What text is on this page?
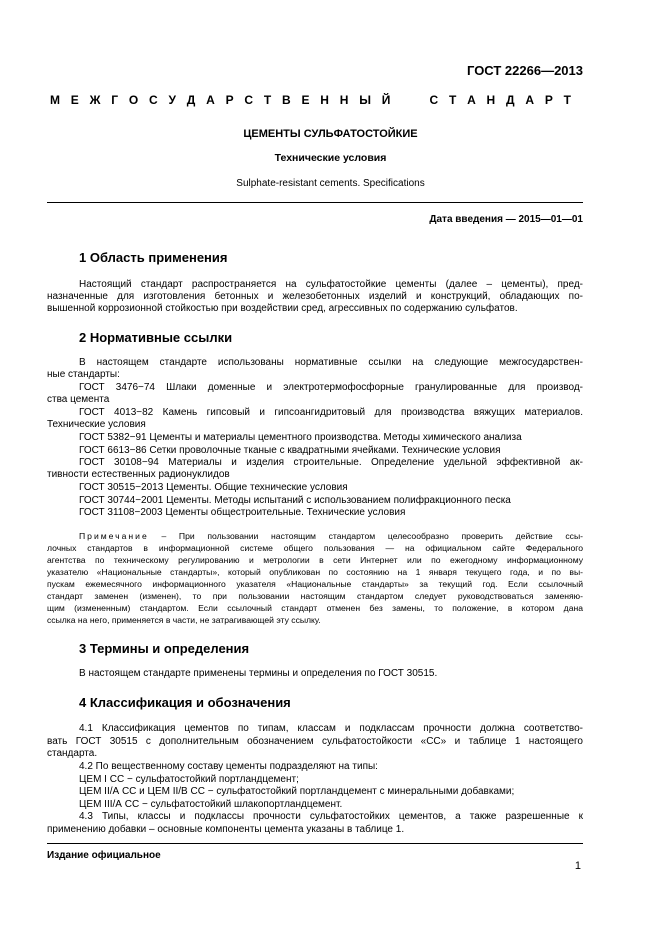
ГОСТ 22266—2013
М Е Ж Г О С У Д А Р С Т В Е Н Н Ы Й

	С Т А Н Д А Р Т
ЦЕМЕНТЫ СУЛЬФАТОСТОЙКИЕ
Технические условия
Sulphate-resistant cements. Specifications
Дата введения — 2015—01—01
1 Область применения
Настоящий стандарт распространяется на сульфатостойкие цементы (далее – цементы), пред-
назначенные для изготовления бетонных и железобетонных изделий и конструкций, обладающих по-
вышенной коррозионной стойкостью при воздействии сред, агрессивных по содержанию сульфатов.
2 Нормативные ссылки
В настоящем стандарте использованы нормативные ссылки на следующие межгосударствен-
ные стандарты:
ГОСТ 3476−74 Шлаки доменные и электротермофосфорные гранулированные для производ-
ства цемента
ГОСТ 4013−82 Камень гипсовый и гипсоангидритовый для производства вяжущих материалов.
Технические условия
ГОСТ 5382−91 Цементы и материалы цементного производства. Методы химического анализа
ГОСТ 6613−86 Сетки проволочные тканые с квадратными ячейками. Технические условия
ГОСТ 30108−94 Материалы и изделия строительные. Определение удельной эффективной ак-
тивности естественных радионуклидов
ГОСТ 30515−2013 Цементы. Общие технические условия
ГОСТ 30744−2001 Цементы. Методы испытаний с использованием полифракционного песка
ГОСТ 31108−2003 Цементы общестроительные. Технические условия
Примечание – При пользовании настоящим стандартом целесообразно проверить действие ссы-
лочных стандартов в информационной системе общего пользования — на официальном сайте Федерального
агентства по техническому регулированию и метрологии в сети Интернет или по ежегодному информационному
указателю «Национальные стандарты», который опубликован по состоянию на 1 января текущего года, и по вы-
пускам ежемесячного информационного указателя «Национальные стандарты» за текущий год. Если ссылочный
стандарт заменен (изменен), то при пользовании настоящим стандартом следует руководствоваться заменяю-
щим (измененным) стандартом. Если ссылочный стандарт отменен без замены, то положение, в котором дана
ссылка на него, применяется в части, не затрагивающей эту ссылку.
3 Термины и определения
В настоящем стандарте применены термины и определения по ГОСТ 30515.
4 Классификация и обозначения
4.1 Классификация цементов по типам, классам и подклассам прочности должна соответство-
вать ГОСТ 30515 с дополнительным обозначением сульфатостойкости «СС» и таблице 1 настоящего
стандарта.
4.2 По вещественному составу цементы подразделяют на типы:
ЦЕМ I СС − сульфатостойкий портландцемент;
ЦЕМ II/А СС и ЦЕМ II/В СС − сульфатостойкий портландцемент с минеральными добавками;
ЦЕМ III/А СС − сульфатостойкий шлакопортландцемент.
4.3 Типы, классы и подклассы прочности сульфатостойких цементов, а также разрешенные к
применению добавки – основные компоненты цемента указаны в таблице 1.
Издание официальное
1
